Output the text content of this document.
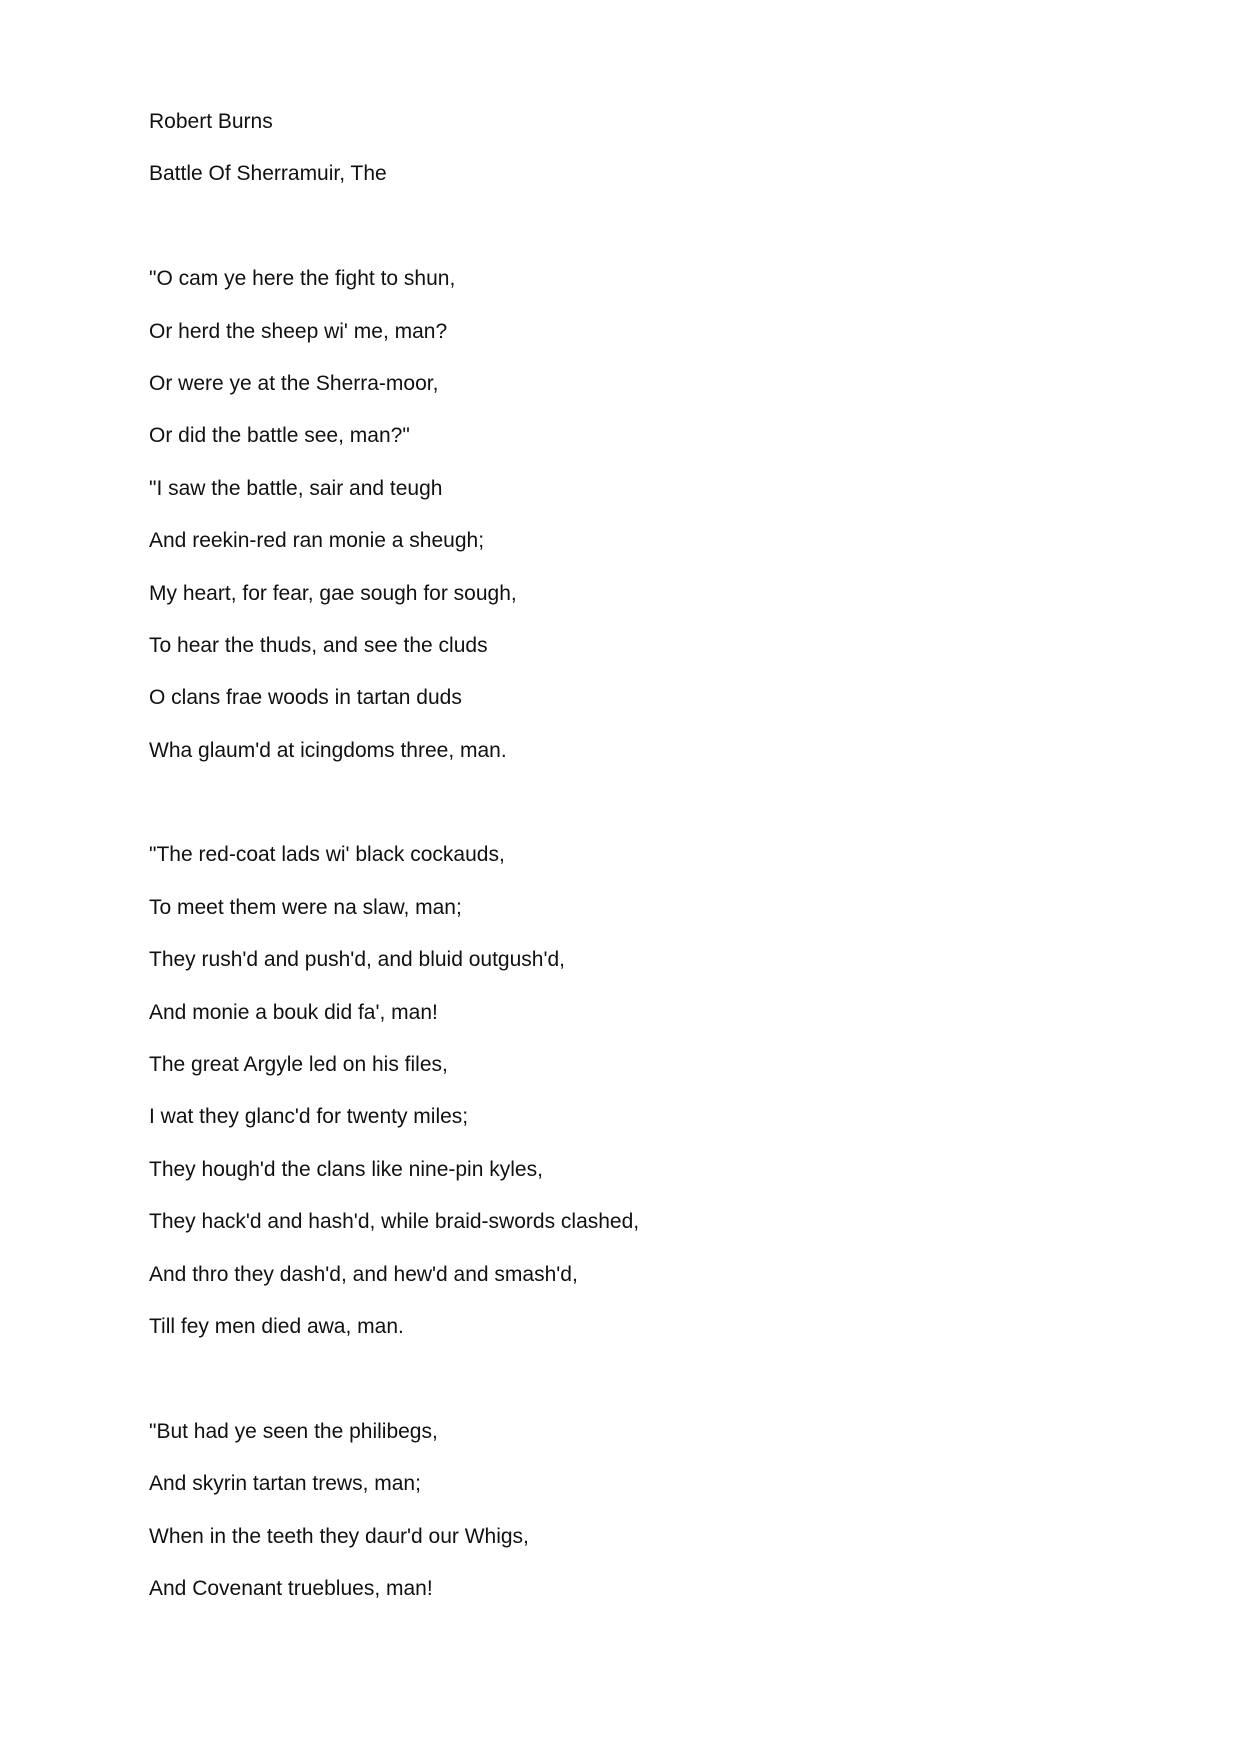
Robert Burns
Battle Of Sherramuir, The
"O cam ye here the fight to shun,
Or herd the sheep wi' me, man?
Or were ye at the Sherra-moor,
Or did the battle see, man?"
"I saw the battle, sair and teugh
And reekin-red ran monie a sheugh;
My heart, for fear, gae sough for sough,
To hear the thuds, and see the cluds
O clans frae woods in tartan duds
Wha glaum'd at icingdoms three, man.
"The red-coat lads wi' black cockauds,
To meet them were na slaw, man;
They rush'd and push'd, and bluid outgush'd,
And monie a bouk did fa', man!
The great Argyle led on his files,
I wat they glanc'd for twenty miles;
They hough'd the clans like nine-pin kyles,
They hack'd and hash'd, while braid-swords clashed,
And thro they dash'd, and hew'd and smash'd,
Till fey men died awa, man.
"But had ye seen the philibegs,
And skyrin tartan trews, man;
When in the teeth they daur'd our Whigs,
And Covenant trueblues, man!
